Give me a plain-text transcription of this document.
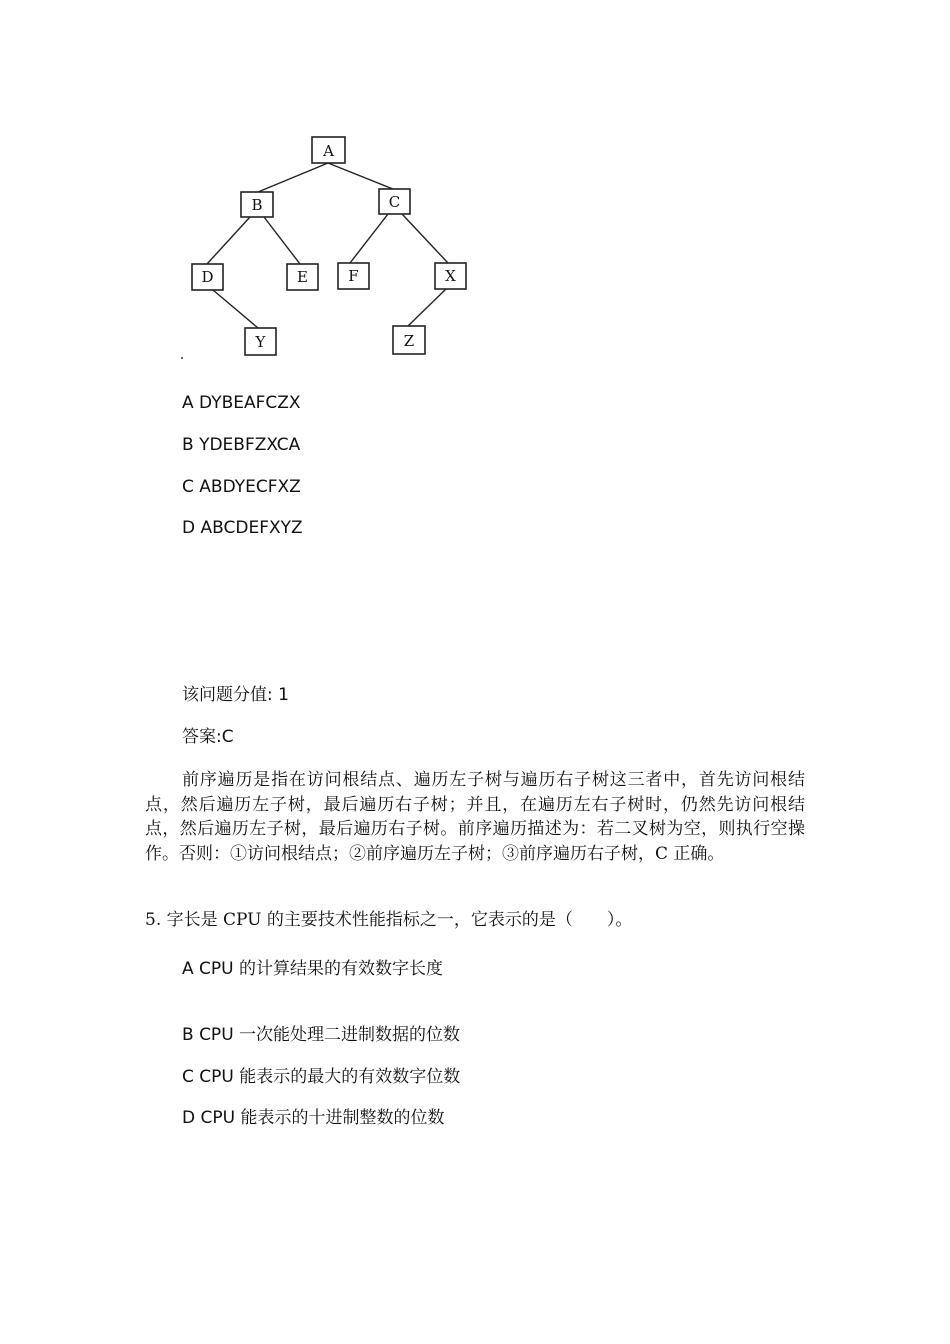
A
B	C
D	E	F	X
Y	Z
A DYBEAFCZX
B YDEBFZXCA
C ABDYECFXZ
D ABCDEFXYZ
该问题分值: 1
答案:C
前序遍历是指在访问根结点、遍历左子树与遍历右子树这三者中，首先访问根结点，然后遍历左子树，最后遍历右子树；并且，在遍历左右子树时，仍然先访问根结点，然后遍历左子树，最后遍历右子树。前序遍历描述为：若二叉树为空，则执行空操作。否则：①访问根结点；②前序遍历左子树；③前序遍历右子树，C 正确。
5. 字长是 CPU 的主要技术性能指标之一，它表示的是（　　）。
A CPU 的计算结果的有效数字长度
B CPU 一次能处理二进制数据的位数
C CPU 能表示的最大的有效数字位数
D CPU 能表示的十进制整数的位数
